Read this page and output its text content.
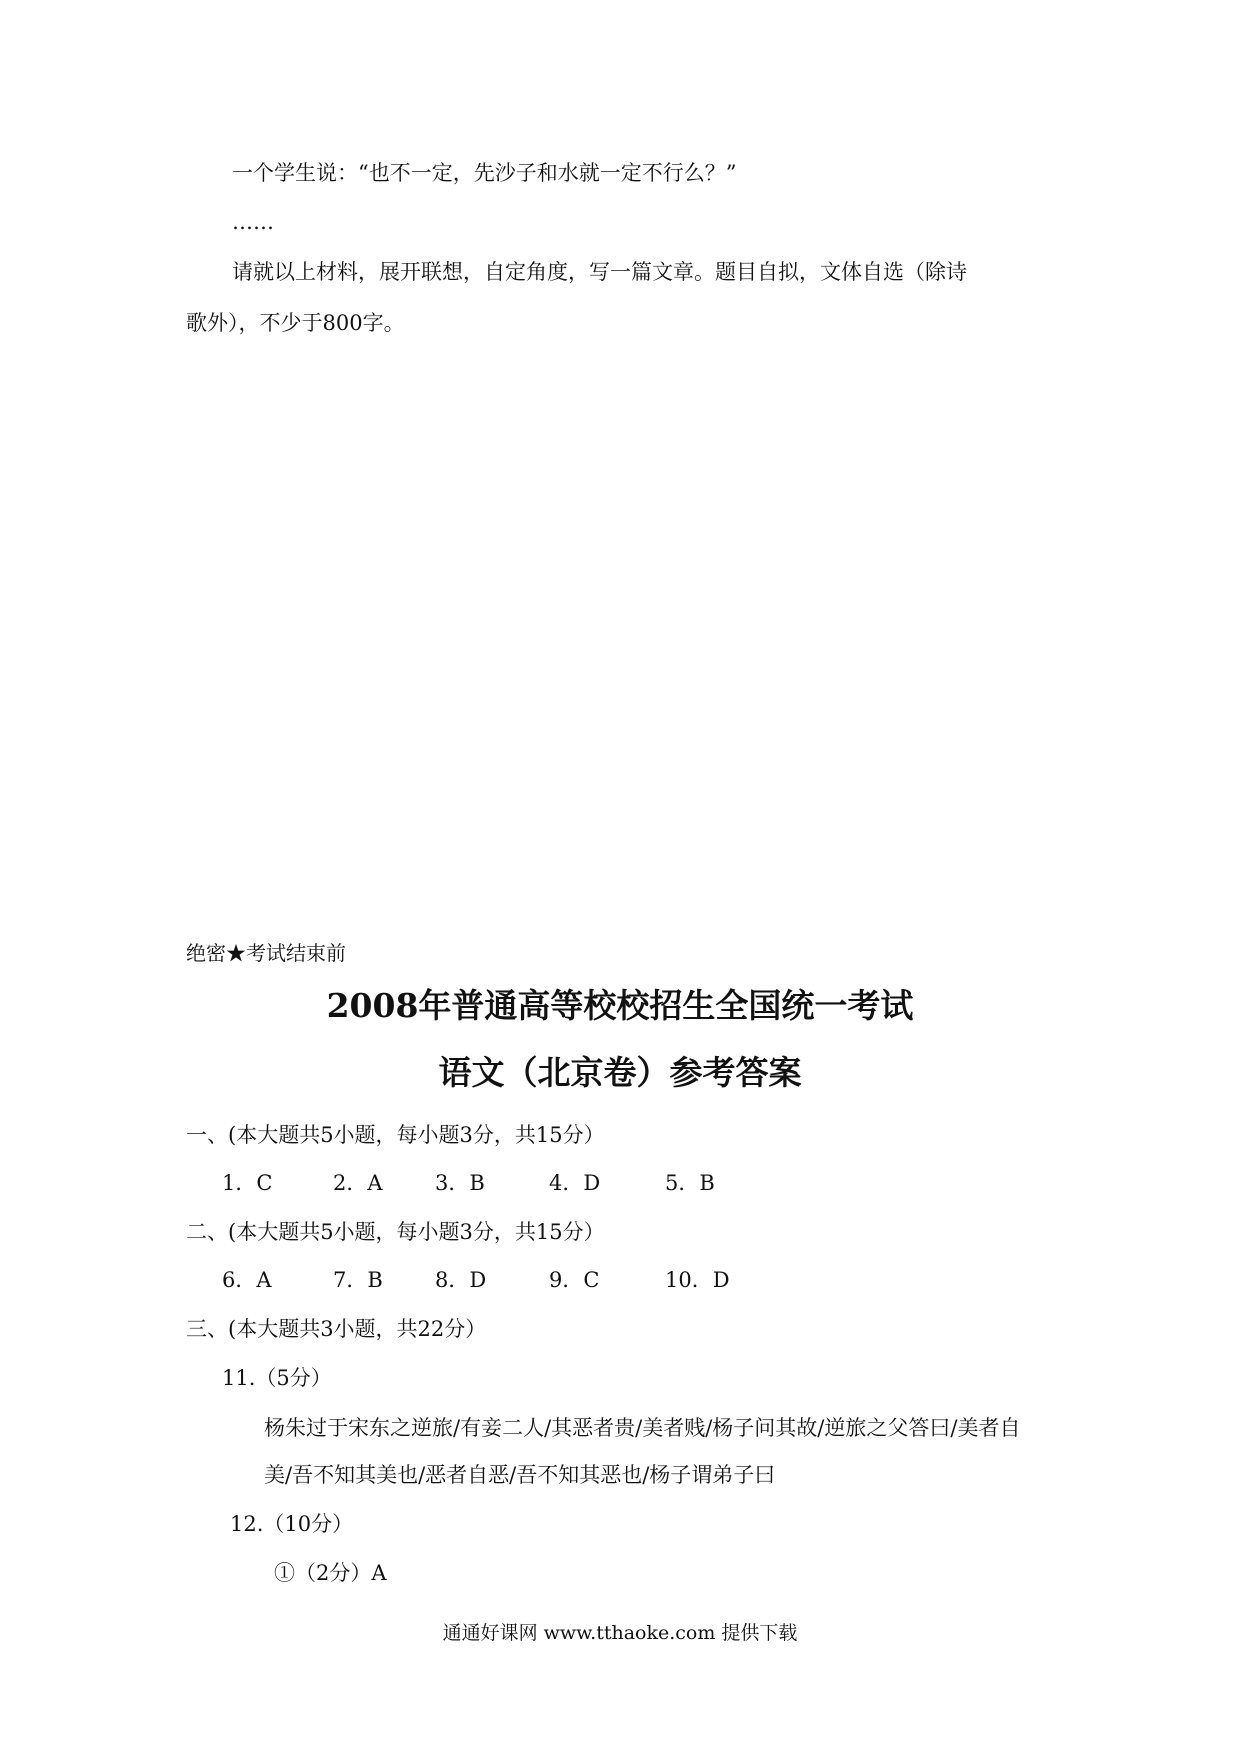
一个学生说：“也不一定，先沙子和水就一定不行么？”

……

请就以上材料，展开联想，自定角度，写一篇文章。题目自拟，文体自选（除诗

歌外），不少于800字。

绝密★考试结束前

2008年普通高等校校招生全国统一考试
语文（北京卷）参考答案

一、(本大题共5小题，每小题3分，共15分）

1．C	2．A 3．B	4．D	5．B

二、(本大题共5小题，每小题3分，共15分）

6．A	7．B 8．D	9．C	10．D

三、(本大题共3小题，共22分）

11.（5分）

杨朱过于宋东之逆旅/有妾二人/其恶者贵/美者贱/杨子问其故/逆旅之父答曰/美者自

美/吾不知其美也/恶者自恶/吾不知其恶也/杨子谓弟子曰

12.（10分）

①（2分）A

通通好课网 www.tthaoke.com 提供下载
